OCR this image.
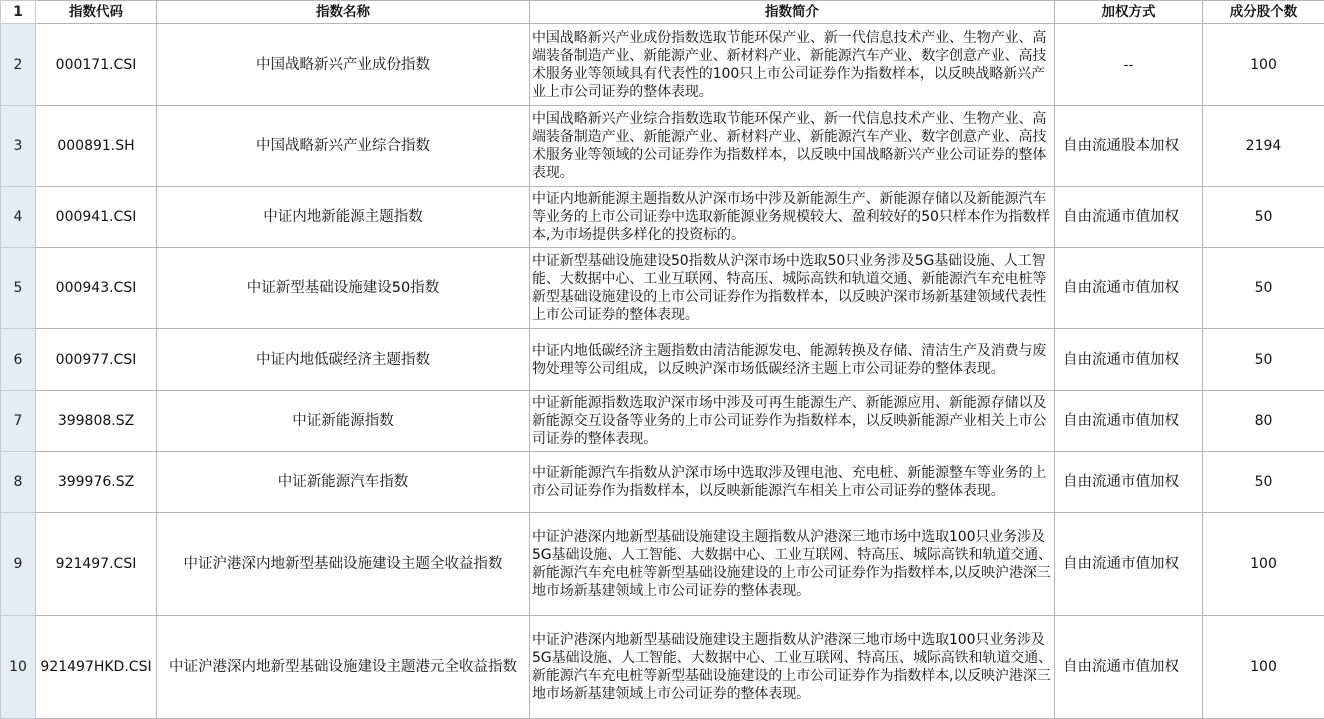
1	指数代码	指数名称	指数简介	加权方式	成分股个数
2	000171.CSI	中国战略新兴产业成份指数	中国战略新兴产业成份指数选取节能环保产业、新一代信息技术产业、生物产业、高端装备制造产业、新能源产业、新材料产业、新能源汽车产业、数字创意产业、高技术服务业等领域具有代表性的100只上市公司证券作为指数样本，以反映战略新兴产业上市公司证券的整体表现。	--	100
3	000891.SH	中国战略新兴产业综合指数	中国战略新兴产业综合指数选取节能环保产业、新一代信息技术产业、生物产业、高端装备制造产业、新能源产业、新材料产业、新能源汽车产业、数字创意产业、高技术服务业等领域的公司证券作为指数样本，以反映中国战略新兴产业公司证券的整体表现。	自由流通股本加权	2194
4	000941.CSI	中证内地新能源主题指数	中证内地新能源主题指数从沪深市场中涉及新能源生产、新能源存储以及新能源汽车等业务的上市公司证券中选取新能源业务规模较大、盈利较好的50只样本作为指数样本,为市场提供多样化的投资标的。	自由流通市值加权	50
5	000943.CSI	中证新型基础设施建设50指数	中证新型基础设施建设50指数从沪深市场中选取50只业务涉及5G基础设施、人工智能、大数据中心、工业互联网、特高压、城际高铁和轨道交通、新能源汽车充电桩等新型基础设施建设的上市公司证券作为指数样本，以反映沪深市场新基建领域代表性上市公司证券的整体表现。	自由流通市值加权	50
6	000977.CSI	中证内地低碳经济主题指数	中证内地低碳经济主题指数由清洁能源发电、能源转换及存储、清洁生产及消费与废物处理等公司组成，以反映沪深市场低碳经济主题上市公司证券的整体表现。	自由流通市值加权	50
7	399808.SZ	中证新能源指数	中证新能源指数选取沪深市场中涉及可再生能源生产、新能源应用、新能源存储以及新能源交互设备等业务的上市公司证券作为指数样本，以反映新能源产业相关上市公司证券的整体表现。	自由流通市值加权	80
8	399976.SZ	中证新能源汽车指数	中证新能源汽车指数从沪深市场中选取涉及锂电池、充电桩、新能源整车等业务的上市公司证券作为指数样本，以反映新能源汽车相关上市公司证券的整体表现。	自由流通市值加权	50
9	921497.CSI	中证沪港深内地新型基础设施建设主题全收益指数	中证沪港深内地新型基础设施建设主题指数从沪港深三地市场中选取100只业务涉及5G基础设施、人工智能、大数据中心、工业互联网、特高压、城际高铁和轨道交通、新能源汽车充电桩等新型基础设施建设的上市公司证券作为指数样本,以反映沪港深三地市场新基建领域上市公司证券的整体表现。	自由流通市值加权	100
10	921497HKD.CSI	中证沪港深内地新型基础设施建设主题港元全收益指数	中证沪港深内地新型基础设施建设主题指数从沪港深三地市场中选取100只业务涉及5G基础设施、人工智能、大数据中心、工业互联网、特高压、城际高铁和轨道交通、新能源汽车充电桩等新型基础设施建设的上市公司证券作为指数样本,以反映沪港深三地市场新基建领域上市公司证券的整体表现。	自由流通市值加权	100
